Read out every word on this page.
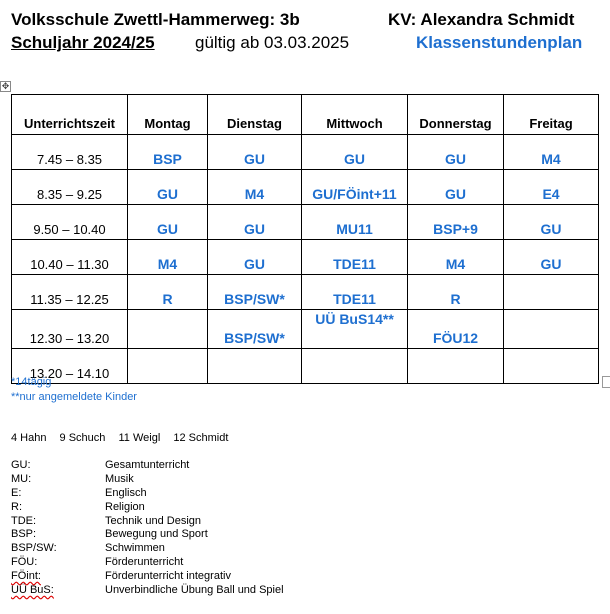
Volksschule Zwettl-Hammerweg: 3b	KV: Alexandra Schmidt
Schuljahr 2024/25 gültig ab 03.03.2025	Klassenstundenplan
✥
Unterrichtszeit	Montag	Dienstag	Mittwoch	Donnerstag	Freitag
7.45 – 8.35	BSP	GU	GU	GU	M4
8.35 – 9.25	GU	M4	GU/FÖint+11	GU	E4
9.50 – 10.40	GU	GU	MU11	BSP+9	GU
10.40 – 11.30	M4	GU	TDE11	M4	GU
11.35 – 12.25	R	BSP/SW*	TDE11	R	
12.30 – 13.20		BSP/SW*	UÜ BuS14**	FÖU12	
13.20 – 14.10					
*14tägig
**nur angemeldete Kinder
4 Hahn 9 Schuch 11 Weigl 12 Schmidt
GU:	Gesamtunterricht
MU:	Musik
E:	Englisch
R:	Religion
TDE:	Technik und Design
BSP:	Bewegung und Sport
BSP/SW:	Schwimmen
FÖU:	Förderunterricht
FÖint:	Förderunterricht integrativ
UÜ BuS:	Unverbindliche Übung Ball und Spiel
